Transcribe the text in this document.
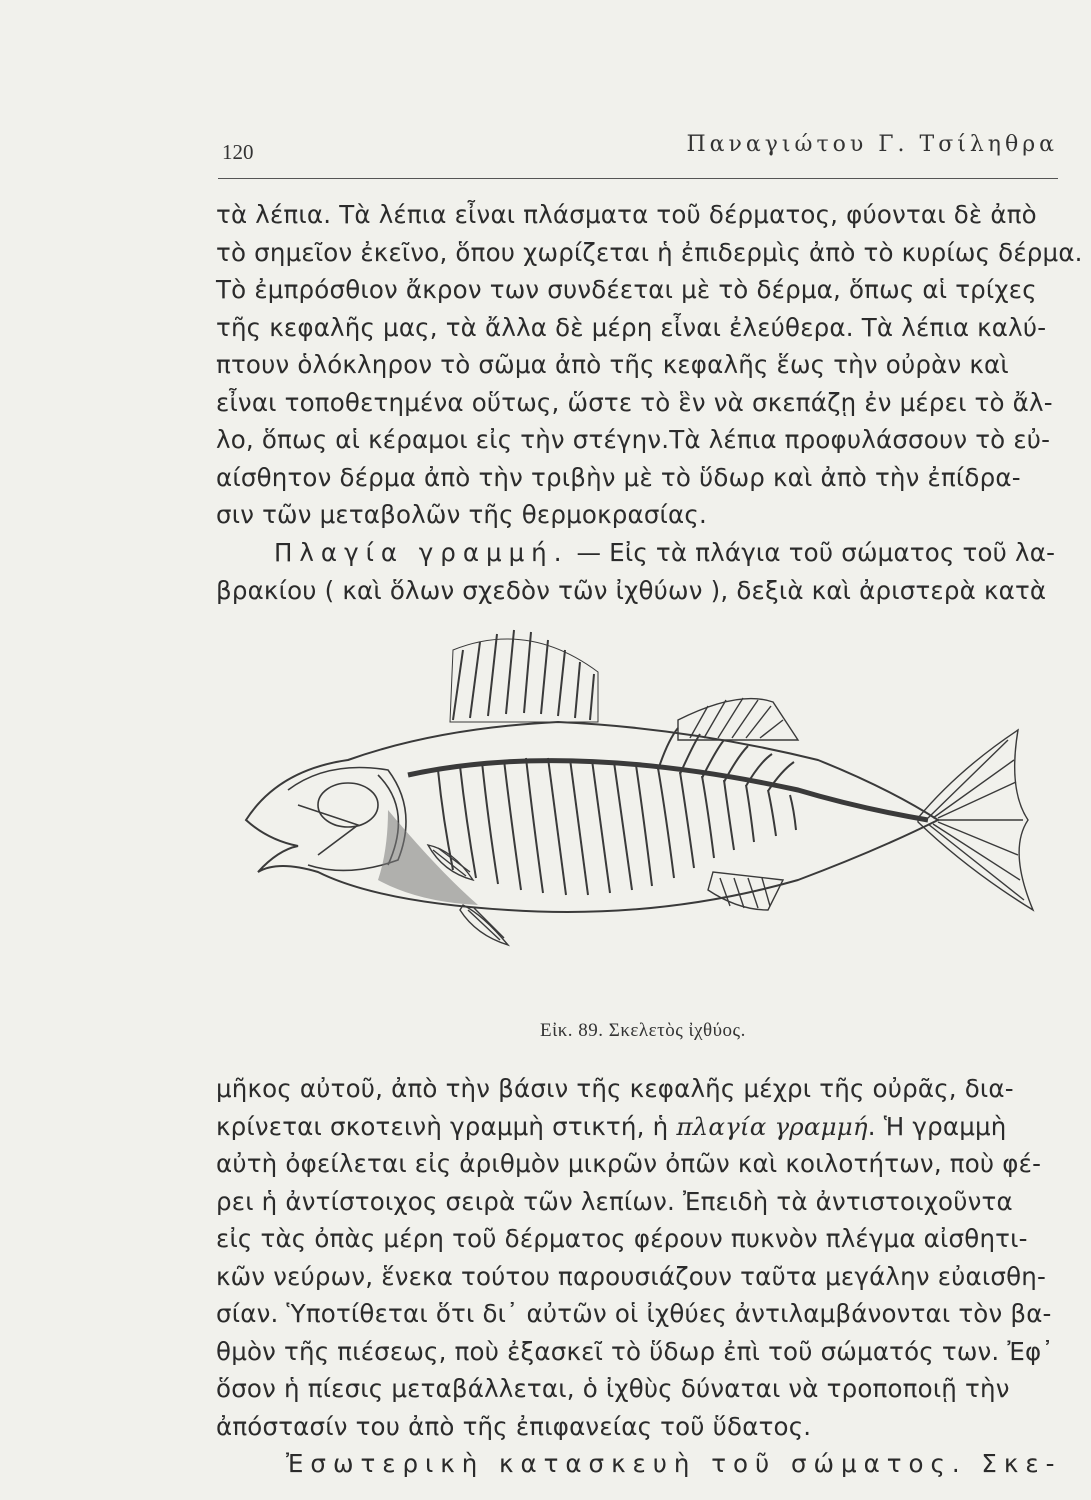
120	Παναγιώτου Γ. Τσίληθρα
τὰ λέπια. Τὰ λέπια εἶναι πλάσματα τοῦ δέρματος, φύονται δὲ ἀπὸ
τὸ σημεῖον ἐκεῖνο, ὅπου χωρίζεται ἡ ἐπιδερμὶς ἀπὸ τὸ κυρίως δέρμα.
Τὸ ἐμπρόσθιον ἄκρον των συνδέεται μὲ τὸ δέρμα, ὅπως αἱ τρίχες
τῆς κεφαλῆς μας, τὰ ἄλλα δὲ μέρη εἶναι ἐλεύθερα. Τὰ λέπια καλύ-
πτουν ὁλόκληρον τὸ σῶμα ἀπὸ τῆς κεφαλῆς ἕως τὴν οὐρὰν καὶ
εἶναι τοποθετημένα οὕτως, ὥστε τὸ ἓν νὰ σκεπάζῃ ἐν μέρει τὸ ἄλ-
λο, ὅπως αἱ κέραμοι εἰς τὴν στέγην.Τὰ λέπια προφυλάσσουν τὸ εὐ-
αίσθητον δέρμα ἀπὸ τὴν τριβὴν μὲ τὸ ὕδωρ καὶ ἀπὸ τὴν ἐπίδρα-
σιν τῶν μεταβολῶν τῆς θερμοκρασίας.
Πλαγία γραμμή. — Εἰς τὰ πλάγια τοῦ σώματος τοῦ λα-
βρακίου ( καὶ ὅλων σχεδὸν τῶν ἰχθύων ), δεξιὰ καὶ ἀριστερὰ κατὰ
Εἰκ. 89. Σκελετὸς ἰχθύος.
μῆκος αὐτοῦ, ἀπὸ τὴν βάσιν τῆς κεφαλῆς μέχρι τῆς οὐρᾶς, δια-
κρίνεται σκοτεινὴ γραμμὴ στικτή, ἡ πλαγία γραμμή. Ἡ γραμμὴ
αὐτὴ ὀφείλεται εἰς ἀριθμὸν μικρῶν ὀπῶν καὶ κοιλοτήτων, ποὺ φέ-
ρει ἡ ἀντίστοιχος σειρὰ τῶν λεπίων. Ἐπειδὴ τὰ ἀντιστοιχοῦντα
εἰς τὰς ὀπὰς μέρη τοῦ δέρματος φέρουν πυκνὸν πλέγμα αἰσθητι-
κῶν νεύρων, ἕνεκα τούτου παρουσιάζουν ταῦτα μεγάλην εὐαισθη-
σίαν. Ὑποτίθεται ὅτι δι᾽ αὐτῶν οἱ ἰχθύες ἀντιλαμβάνονται τὸν βα-
θμὸν τῆς πιέσεως, ποὺ ἐξασκεῖ τὸ ὕδωρ ἐπὶ τοῦ σώματός των. Ἐφ᾽
ὅσον ἡ πίεσις μεταβάλλεται, ὁ ἰχθὺς δύναται νὰ τροποποιῇ τὴν
ἀπόστασίν του ἀπὸ τῆς ἐπιφανείας τοῦ ὕδατος.
Ἐσωτερικὴ κατασκευὴ τοῦ σώματος. Σκε-
